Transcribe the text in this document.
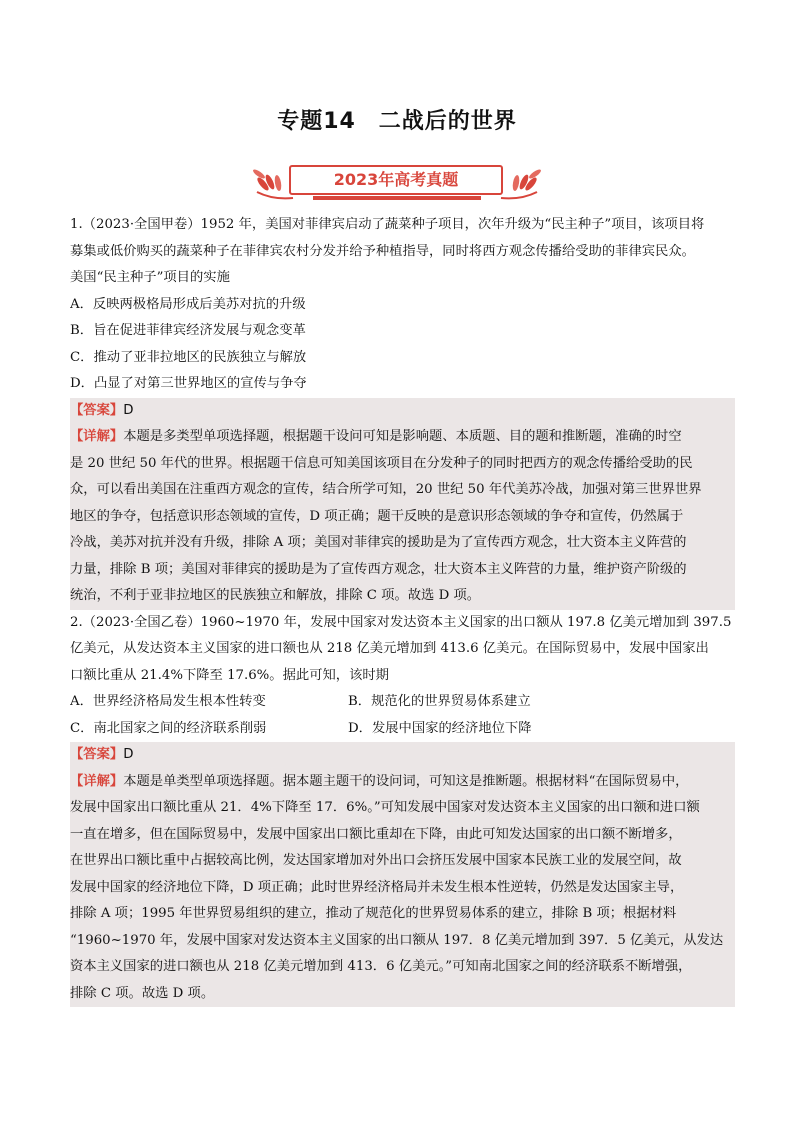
专题14　二战后的世界
2023年高考真题
1.（2023·全国甲卷）1952 年，美国对菲律宾启动了蔬菜种子项目，次年升级为“民主种子”项目，该项目将
募集或低价购买的蔬菜种子在菲律宾农村分发并给予种植指导，同时将西方观念传播给受助的菲律宾民众。
美国“民主种子”项目的实施
A．反映两极格局形成后美苏对抗的升级
B．旨在促进菲律宾经济发展与观念变革
C．推动了亚非拉地区的民族独立与解放
D．凸显了对第三世界地区的宣传与争夺
【答案】D
【详解】本题是多类型单项选择题，根据题干设问可知是影响题、本质题、目的题和推断题，准确的时空
是 20 世纪 50 年代的世界。根据题干信息可知美国该项目在分发种子的同时把西方的观念传播给受助的民
众，可以看出美国在注重西方观念的宣传，结合所学可知，20 世纪 50 年代美苏冷战，加强对第三世界世界
地区的争夺，包括意识形态领域的宣传，D 项正确；题干反映的是意识形态领域的争夺和宣传，仍然属于
冷战，美苏对抗并没有升级，排除 A 项；美国对菲律宾的援助是为了宣传西方观念，壮大资本主义阵营的
力量，排除 B 项；美国对菲律宾的援助是为了宣传西方观念，壮大资本主义阵营的力量，维护资产阶级的
统治，不利于亚非拉地区的民族独立和解放，排除 C 项。故选 D 项。
2.（2023·全国乙卷）1960~1970 年，发展中国家对发达资本主义国家的出口额从 197.8 亿美元增加到 397.5
亿美元，从发达资本主义国家的进口额也从 218 亿美元增加到 413.6 亿美元。在国际贸易中，发展中国家出
口额比重从 21.4%下降至 17.6%。据此可知，该时期
A．世界经济格局发生根本性转变	B．规范化的世界贸易体系建立
C．南北国家之间的经济联系削弱	D．发展中国家的经济地位下降
【答案】D
【详解】本题是单类型单项选择题。据本题主题干的设问词，可知这是推断题。根据材料“在国际贸易中，
发展中国家出口额比重从 21．4%下降至 17．6%。”可知发展中国家对发达资本主义国家的出口额和进口额
一直在增多，但在国际贸易中，发展中国家出口额比重却在下降，由此可知发达国家的出口额不断增多，
在世界出口额比重中占据较高比例，发达国家增加对外出口会挤压发展中国家本民族工业的发展空间，故
发展中国家的经济地位下降，D 项正确；此时世界经济格局并未发生根本性逆转，仍然是发达国家主导，
排除 A 项；1995 年世界贸易组织的建立，推动了规范化的世界贸易体系的建立，排除 B 项；根据材料
“1960~1970 年，发展中国家对发达资本主义国家的出口额从 197．8 亿美元增加到 397．5 亿美元，从发达
资本主义国家的进口额也从 218 亿美元增加到 413．6 亿美元。”可知南北国家之间的经济联系不断增强，
排除 C 项。故选 D 项。
